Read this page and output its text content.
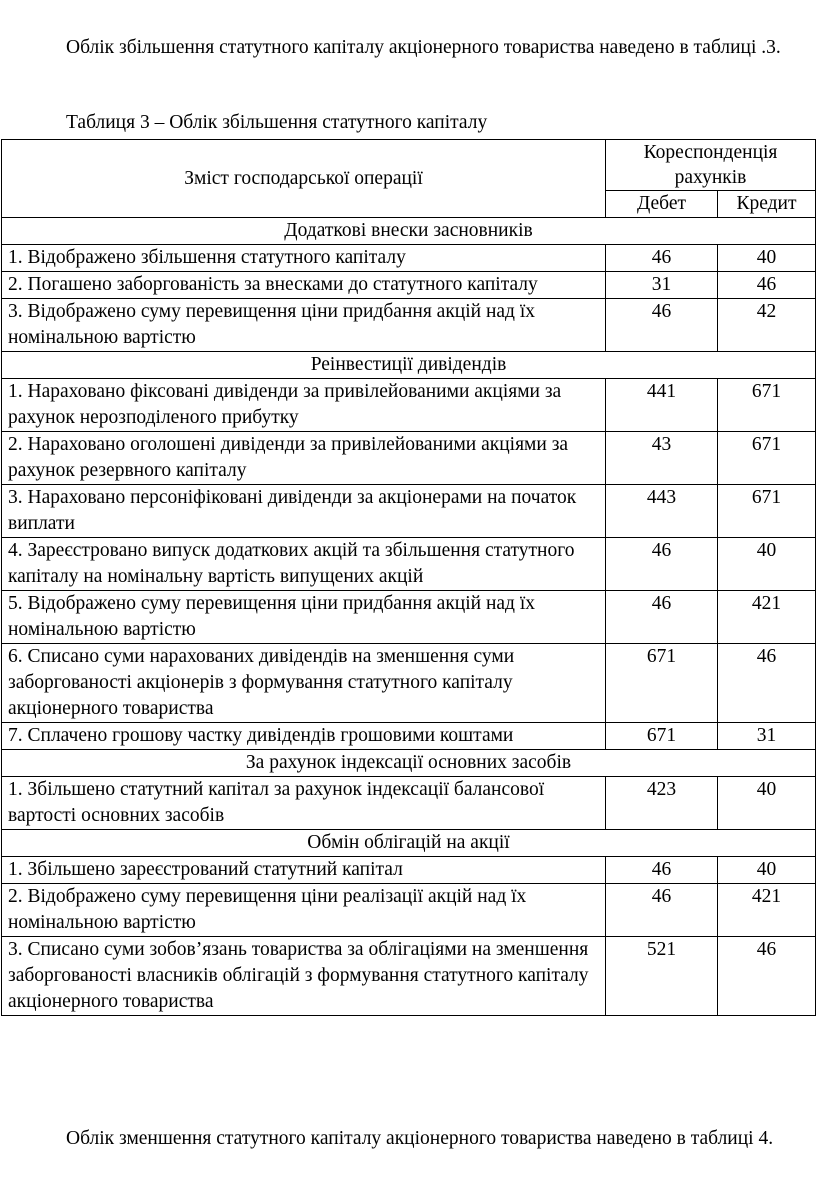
Облік збільшення статутного капіталу акціонерного товариства наведено в таблиці .3.

Таблиця 3 – Облік збільшення статутного капіталу

Зміст господарської операції	Кореспонденція рахунків	
	Дебет	Кредит
Додаткові внески засновників		
1. Відображено збільшення статутного капіталу	46	40
2. Погашено заборгованість за внесками до статутного капіталу	31	46
3. Відображено суму перевищення ціни придбання акцій над їх номінальною вартістю	46	42
Реінвестиції дивідендів		
1. Нараховано фіксовані дивіденди за привілейованими акціями за рахунок нерозподіленого прибутку	441	671
2. Нараховано оголошені дивіденди за привілейованими акціями за рахунок резервного капіталу	43	671
3. Нараховано персоніфіковані дивіденди за акціонерами на початок виплати	443	671
4. Зареєстровано випуск додаткових акцій та збільшення статутного капіталу на номінальну вартість випущених акцій	46	40
5. Відображено суму перевищення ціни придбання акцій над їх номінальною вартістю	46	421
6. Списано суми нарахованих дивідендів на зменшення суми заборгованості акціонерів з формування статутного капіталу акціонерного товариства	671	46
7. Сплачено грошову частку дивідендів грошовими коштами	671	31
За рахунок індексації основних засобів		
1. Збільшено статутний капітал за рахунок індексації балансової вартості основних засобів	423	40
Обмін облігацій на акції		
1. Збільшено зареєстрований статутний капітал	46	40
2. Відображено суму перевищення ціни реалізації акцій над їх номінальною вартістю	46	421
3. Списано суми зобов’язань товариства за облігаціями на зменшення заборгованості власників облігацій з формування статутного капіталу акціонерного товариства	521	46

Облік зменшення статутного капіталу акціонерного товариства наведено в таблиці 4.
